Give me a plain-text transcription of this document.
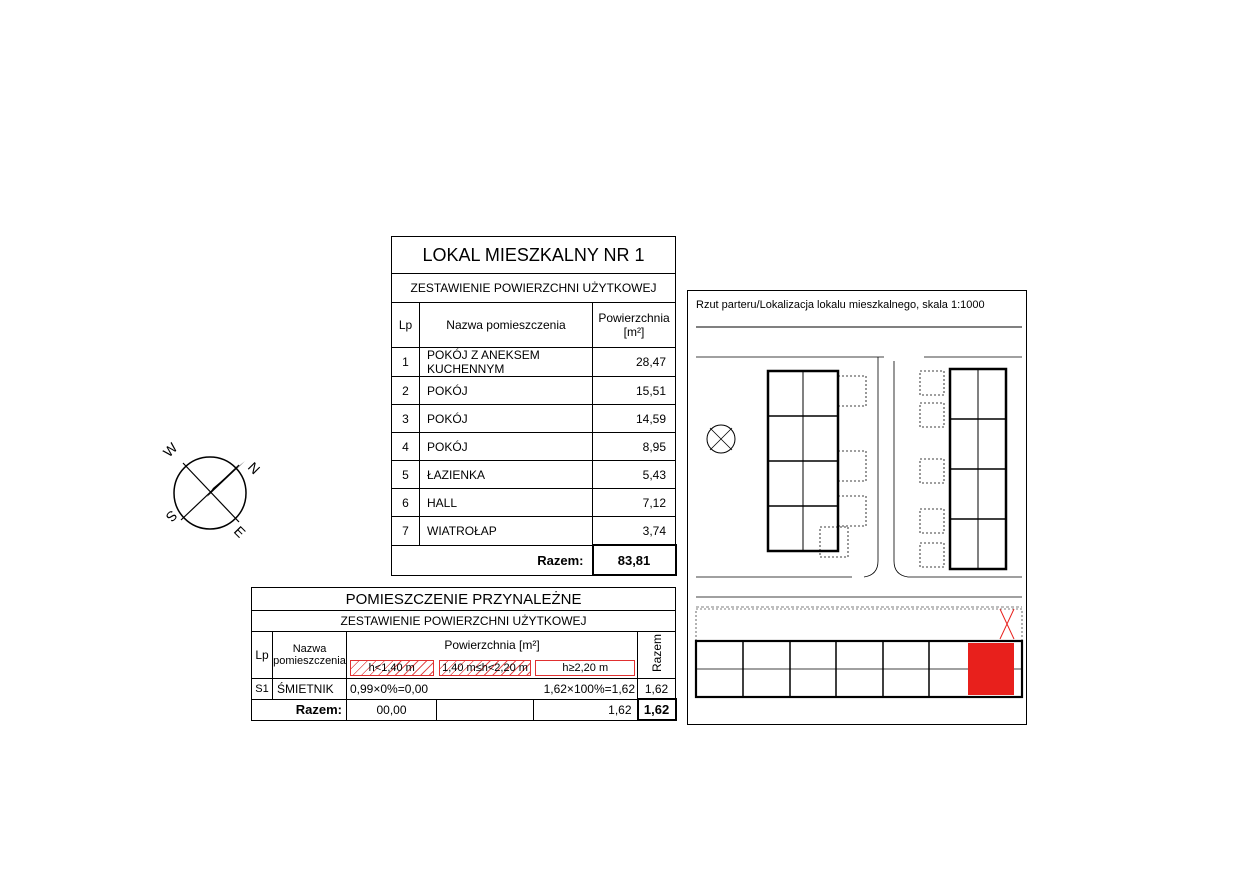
LOKAL MIESZKALNY NR 1		
ZESTAWIENIE POWIERZCHNI UŻYTKOWEJ		
Lp	Nazwa pomieszczenia	Powierzchnia
[m²]

1	POKÓJ Z ANEKSEM KUCHENNYM	28,47
2	POKÓJ	15,51
3	POKÓJ	14,59
4	POKÓJ	8,95
5	ŁAZIENKA	5,43
6	HALL	7,12
7	WIATROŁAP	3,74
Razem:		83,81
POMIESZCZENIE PRZYNALEŻNE					
ZESTAWIENIE POWIERZCHNI UŻYTKOWEJ					
Lp	Nazwa pomieszczenia	Powierzchnia [m²]			Razem
		h<1,40 m	1,40 m≤h<2,20 m	h≥2,20 m	
S1	ŚMIETNIK	0,99×0%=0,00		1,62×100%=1,62	1,62
Razem:		00,00		1,62	1,62
N
E
S
W
Rzut parteru/Lokalizacja lokalu mieszkalnego, skala 1:1000
